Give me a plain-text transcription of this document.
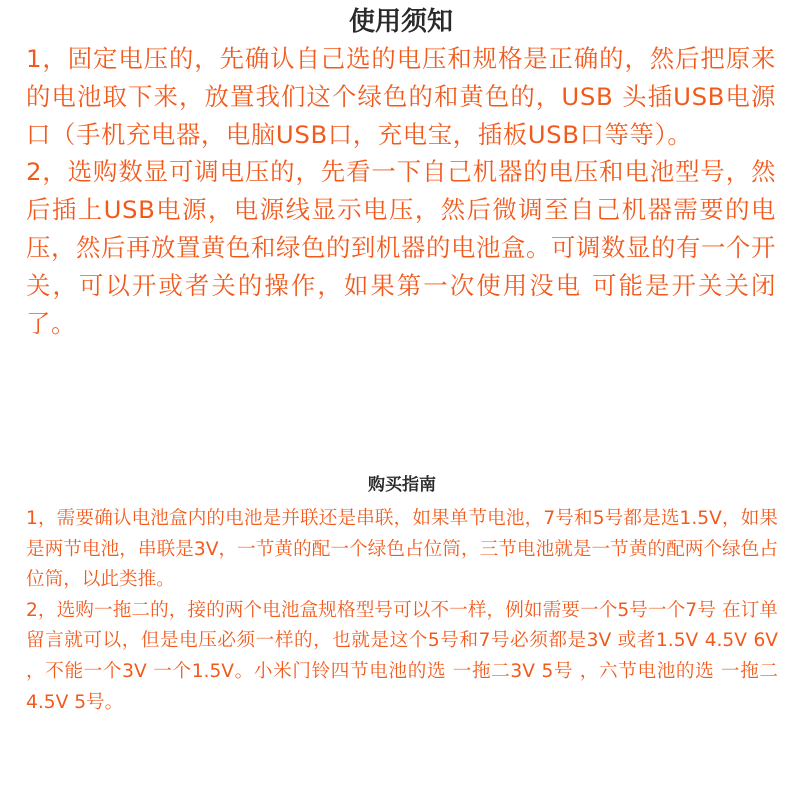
使用须知

1，固定电压的，先确认自己选的电压和规格是正确的，然后把原来的电池取下来，放置我们这个绿色的和黄色的，USB 头插USB电源口（手机充电器，电脑USB口，充电宝，插板USB口等等）。

2，选购数显可调电压的，先看一下自己机器的电压和电池型号，然后插上USB电源，电源线显示电压，然后微调至自己机器需要的电压，然后再放置黄色和绿色的到机器的电池盒。可调数显的有一个开关，可以开或者关的操作，如果第一次使用没电 可能是开关关闭了。

购买指南

1，需要确认电池盒内的电池是并联还是串联，如果单节电池，7号和5号都是选1.5V，如果是两节电池，串联是3V，一节黄的配一个绿色占位筒，三节电池就是一节黄的配两个绿色占位筒，以此类推。

2，选购一拖二的，接的两个电池盒规格型号可以不一样，例如需要一个5号一个7号 在订单留言就可以，但是电压必须一样的，也就是这个5号和7号必须都是3V 或者1.5V 4.5V 6V ，不能一个3V 一个1.5V。小米门铃四节电池的选 一拖二3V 5号 ，六节电池的选 一拖二4.5V 5号。
